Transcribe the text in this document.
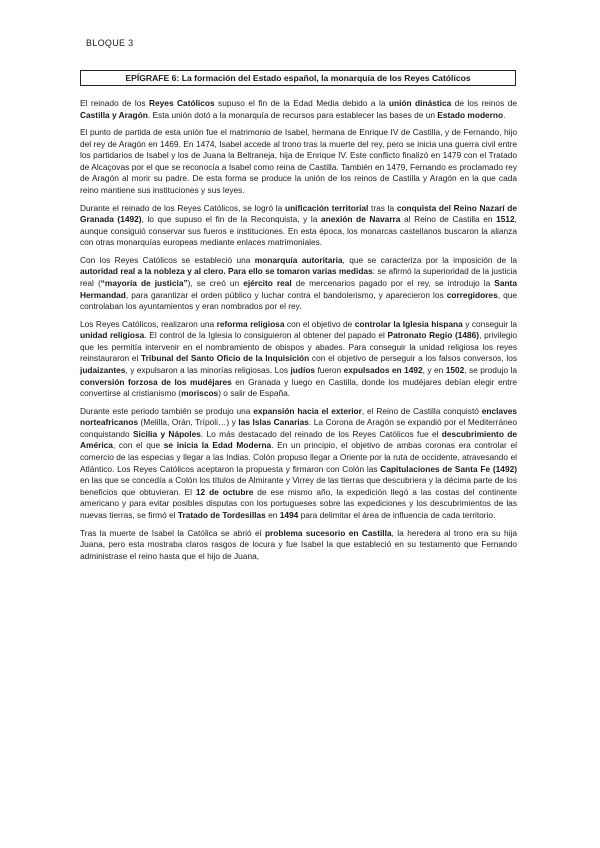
BLOQUE 3
EPÍGRAFE 6: La formación del Estado español, la monarquía de los Reyes Católicos

El reinado de los Reyes Católicos supuso el fin de la Edad Media debido a la unión dinástica de los reinos de Castilla y Aragón. Esta unión dotó a la monarquía de recursos para establecer las bases de un Estado moderno.

El punto de partida de esta unión fue el matrimonio de Isabel, hermana de Enrique IV de Castilla, y de Fernando, hijo del rey de Aragón en 1469. En 1474, Isabel accede al trono tras la muerte del rey, pero se inicia una guerra civil entre los partidarios de Isabel y los de Juana la Beltraneja, hija de Enrique IV. Este conflicto finalizó en 1479 con el Tratado de Alcaçovas por el que se reconocía a Isabel como reina de Castilla. También en 1479, Fernando es proclamado rey de Aragón al morir su padre. De esta forma se produce la unión de los reinos de Castilla y Aragón en la que cada reino mantiene sus instituciones y sus leyes.

Durante el reinado de los Reyes Católicos, se logró la unificación territorial tras la conquista del Reino Nazarí de Granada (1492), lo que supuso el fin de la Reconquista, y la anexión de Navarra al Reino de Castilla en 1512, aunque consiguió conservar sus fueros e instituciones. En esta época, los monarcas castellanos buscaron la alianza con otras monarquías europeas mediante enlaces matrimoniales.

Con los Reyes Católicos se estableció una monarquía autoritaria, que se caracteriza por la imposición de la autoridad real a la nobleza y al clero. Para ello se tomaron varias medidas: se afirmó la superioridad de la justicia real (“mayoría de justicia”), se creó un ejército real de mercenarios pagado por el rey, se introdujo la Santa Hermandad, para garantizar el orden público y luchar contra el bandolerismo, y aparecieron los corregidores, que controlaban los ayuntamientos y eran nombrados por el rey.

Los Reyes Católicos, realizaron una reforma religiosa con el objetivo de controlar la Iglesia hispana y conseguir la unidad religiosa. El control de la Iglesia lo consiguieron al obtener del papado el Patronato Regio (1486), privilegio que les permitía intervenir en el nombramiento de obispos y abades. Para conseguir la unidad religiosa los reyes reinstauraron el Tribunal del Santo Oficio de la Inquisición con el objetivo de perseguir a los falsos conversos, los judaizantes, y expulsaron a las minorías religiosas. Los judíos fueron expulsados en 1492, y en 1502, se produjo la conversión forzosa de los mudéjares en Granada y luego en Castilla, donde los mudéjares debían elegir entre convertirse al cristianismo (moriscos) o salir de España.

Durante este periodo también se produjo una expansión hacia el exterior, el Reino de Castilla conquistó enclaves norteafricanos (Melilla, Orán, Trípoli…) y las Islas Canarias. La Corona de Aragón se expandió por el Mediterráneo conquistando Sicilia y Nápoles. Lo más destacado del reinado de los Reyes Católicos fue el descubrimiento de América, con el que se inicia la Edad Moderna. En un principio, el objetivo de ambas coronas era controlar el comercio de las especias y llegar a las Indias. Colón propuso llegar a Oriente por la ruta de occidente, atravesando el Atlántico. Los Reyes Católicos aceptaron la propuesta y firmaron con Colón las Capitulaciones de Santa Fe (1492) en las que se concedía a Colón los títulos de Almirante y Virrey de las tierras que descubriera y la décima parte de los beneficios que obtuvieran. El 12 de octubre de ese mismo año, la expedición llegó a las costas del continente americano y para evitar posibles disputas con los portugueses sobre las expediciones y los descubrimientos de las nuevas tierras, se firmó el Tratado de Tordesillas en 1494 para delimitar el área de influencia de cada territorio.

Tras la muerte de Isabel la Católica se abrió el problema sucesorio en Castilla, la heredera al trono era su hija Juana, pero esta mostraba claros rasgos de locura y fue Isabel la que estableció en su testamento que Fernando administrase el reino hasta que el hijo de Juana,
